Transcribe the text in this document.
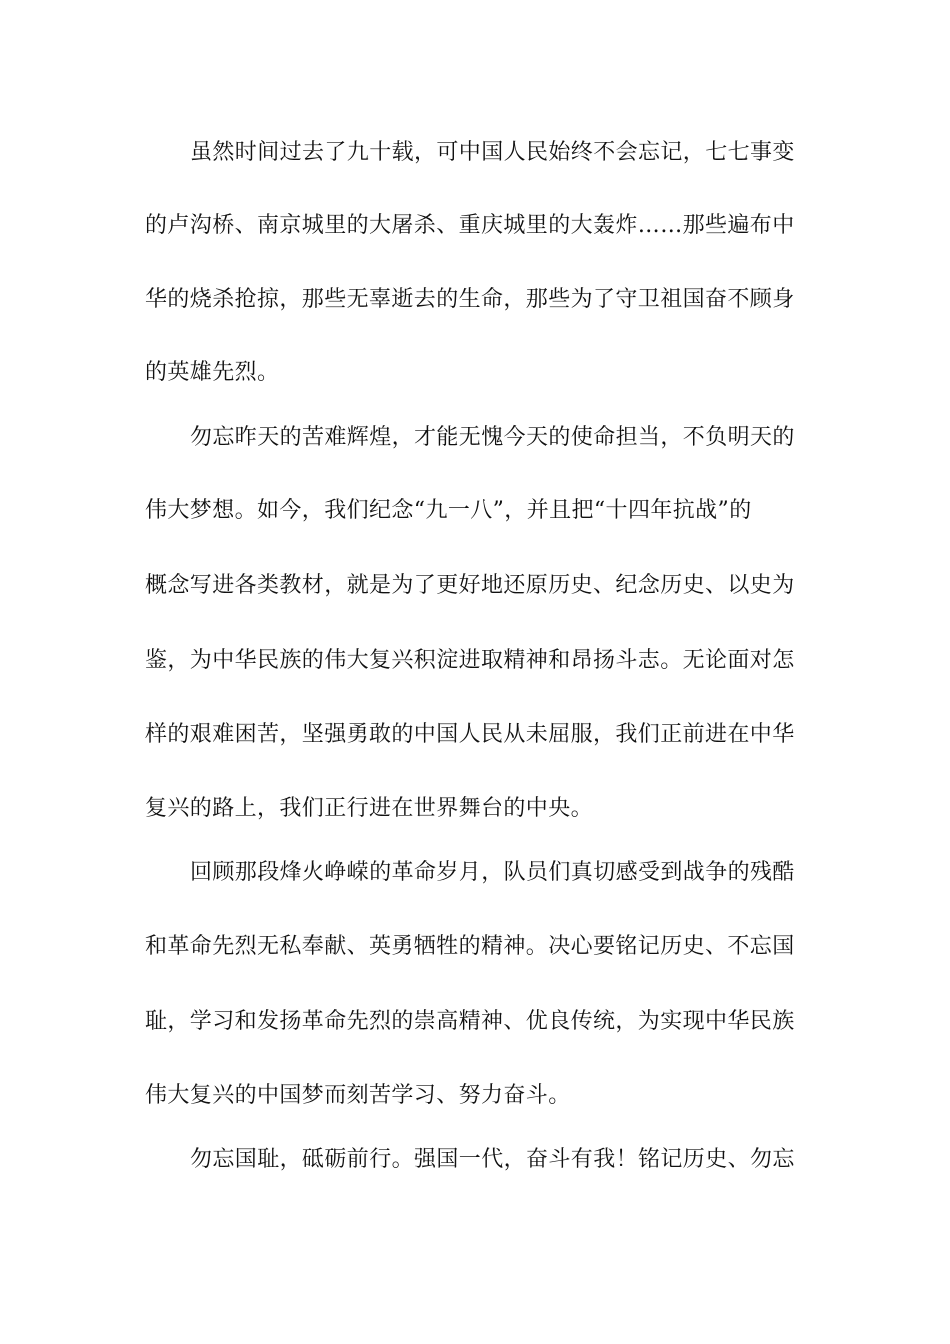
虽然时间过去了九十载，可中国人民始终不会忘记，七七事变
的卢沟桥、南京城里的大屠杀、重庆城里的大轰炸……那些遍布中
华的烧杀抢掠，那些无辜逝去的生命，那些为了守卫祖国奋不顾身
的英雄先烈。
勿忘昨天的苦难辉煌，才能无愧今天的使命担当，不负明天的
伟大梦想。如今，我们纪念“九一八”，并且把“十四年抗战”的
概念写进各类教材，就是为了更好地还原历史、纪念历史、以史为
鉴，为中华民族的伟大复兴积淀进取精神和昂扬斗志。无论面对怎
样的艰难困苦，坚强勇敢的中国人民从未屈服，我们正前进在中华
复兴的路上，我们正行进在世界舞台的中央。
回顾那段烽火峥嵘的革命岁月，队员们真切感受到战争的残酷
和革命先烈无私奉献、英勇牺牲的精神。决心要铭记历史、不忘国
耻，学习和发扬革命先烈的崇高精神、优良传统，为实现中华民族
伟大复兴的中国梦而刻苦学习、努力奋斗。
勿忘国耻，砥砺前行。强国一代，奋斗有我！铭记历史、勿忘
